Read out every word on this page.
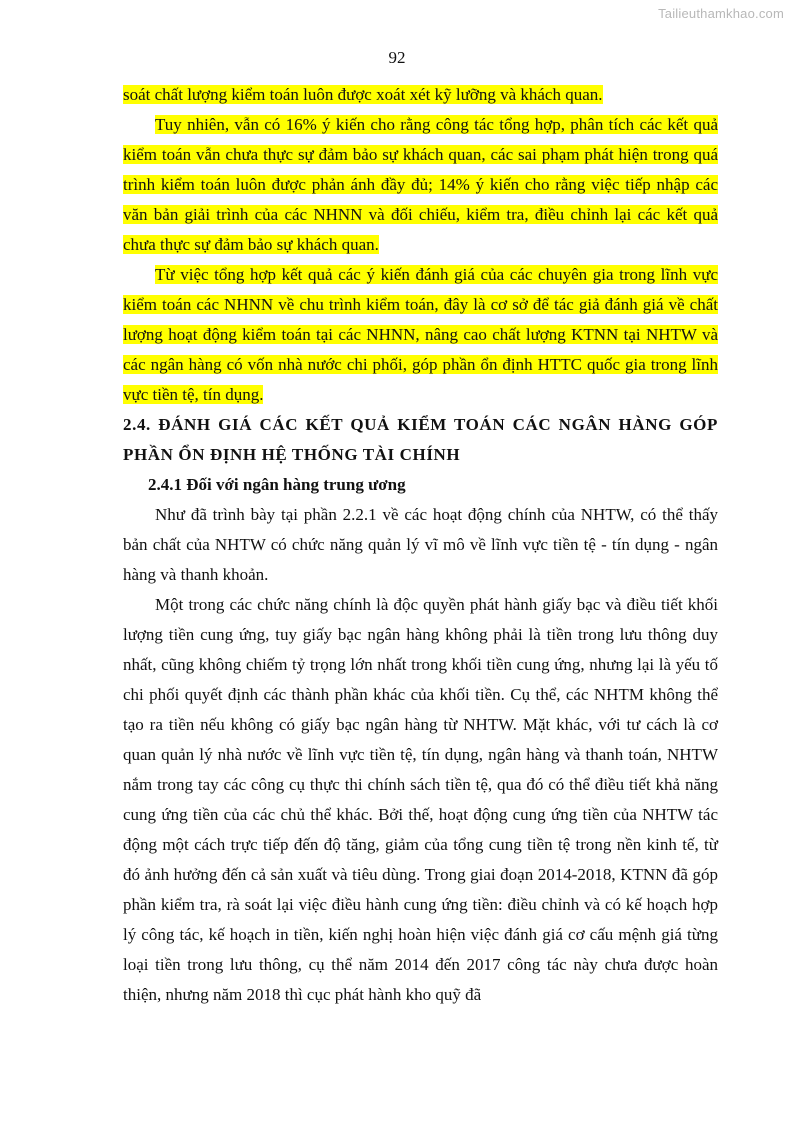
Tailieuthamkhao.com
92

soát chất lượng kiểm toán luôn được xoát xét kỹ lưỡng và khách quan.

Tuy nhiên, vẫn có 16% ý kiến cho rằng công tác tổng hợp, phân tích các kết quả kiểm toán vẫn chưa thực sự đảm bảo sự khách quan, các sai phạm phát hiện trong quá trình kiểm toán luôn được phản ánh đầy đủ; 14% ý kiến cho rằng việc tiếp nhập các văn bản giải trình của các NHNN và đối chiếu, kiểm tra, điều chỉnh lại các kết quả chưa thực sự đảm bảo sự khách quan.

Từ việc tổng hợp kết quả các ý kiến đánh giá của các chuyên gia trong lĩnh vực kiểm toán các NHNN về chu trình kiểm toán, đây là cơ sở để tác giả đánh giá về chất lượng hoạt động kiểm toán tại các NHNN, nâng cao chất lượng KTNN tại NHTW và các ngân hàng có vốn nhà nước chi phối, góp phần ổn định HTTC quốc gia trong lĩnh vực tiền tệ, tín dụng.

2.4. ĐÁNH GIÁ CÁC KẾT QUẢ KIỂM TOÁN CÁC NGÂN HÀNG GÓP PHẦN ỔN ĐỊNH HỆ THỐNG TÀI CHÍNH

2.4.1 Đối với ngân hàng trung ương

Như đã trình bày tại phần 2.2.1 về các hoạt động chính của NHTW, có thể thấy bản chất của NHTW có chức năng quản lý vĩ mô về lĩnh vực tiền tệ - tín dụng - ngân hàng và thanh khoản.

Một trong các chức năng chính là độc quyền phát hành giấy bạc và điều tiết khối lượng tiền cung ứng, tuy giấy bạc ngân hàng không phải là tiền trong lưu thông duy nhất, cũng không chiếm tỷ trọng lớn nhất trong khối tiền cung ứng, nhưng lại là yếu tố chi phối quyết định các thành phần khác của khối tiền. Cụ thể, các NHTM không thể tạo ra tiền nếu không có giấy bạc ngân hàng từ NHTW. Mặt khác, với tư cách là cơ quan quản lý nhà nước về lĩnh vực tiền tệ, tín dụng, ngân hàng và thanh toán, NHTW nắm trong tay các công cụ thực thi chính sách tiền tệ, qua đó có thể điều tiết khả năng cung ứng tiền của các chủ thể khác. Bởi thế, hoạt động cung ứng tiền của NHTW tác động một cách trực tiếp đến độ tăng, giảm của tổng cung tiền tệ trong nền kinh tế, từ đó ảnh hưởng đến cả sản xuất và tiêu dùng. Trong giai đoạn 2014-2018, KTNN đã góp phần kiểm tra, rà soát lại việc điều hành cung ứng tiền: điều chỉnh và có kế hoạch hợp lý công tác, kế hoạch in tiền, kiến nghị hoàn hiện việc đánh giá cơ cấu mệnh giá từng loại tiền trong lưu thông, cụ thể năm 2014 đến 2017 công tác này chưa được hoàn thiện, nhưng năm 2018 thì cục phát hành kho quỹ đã
